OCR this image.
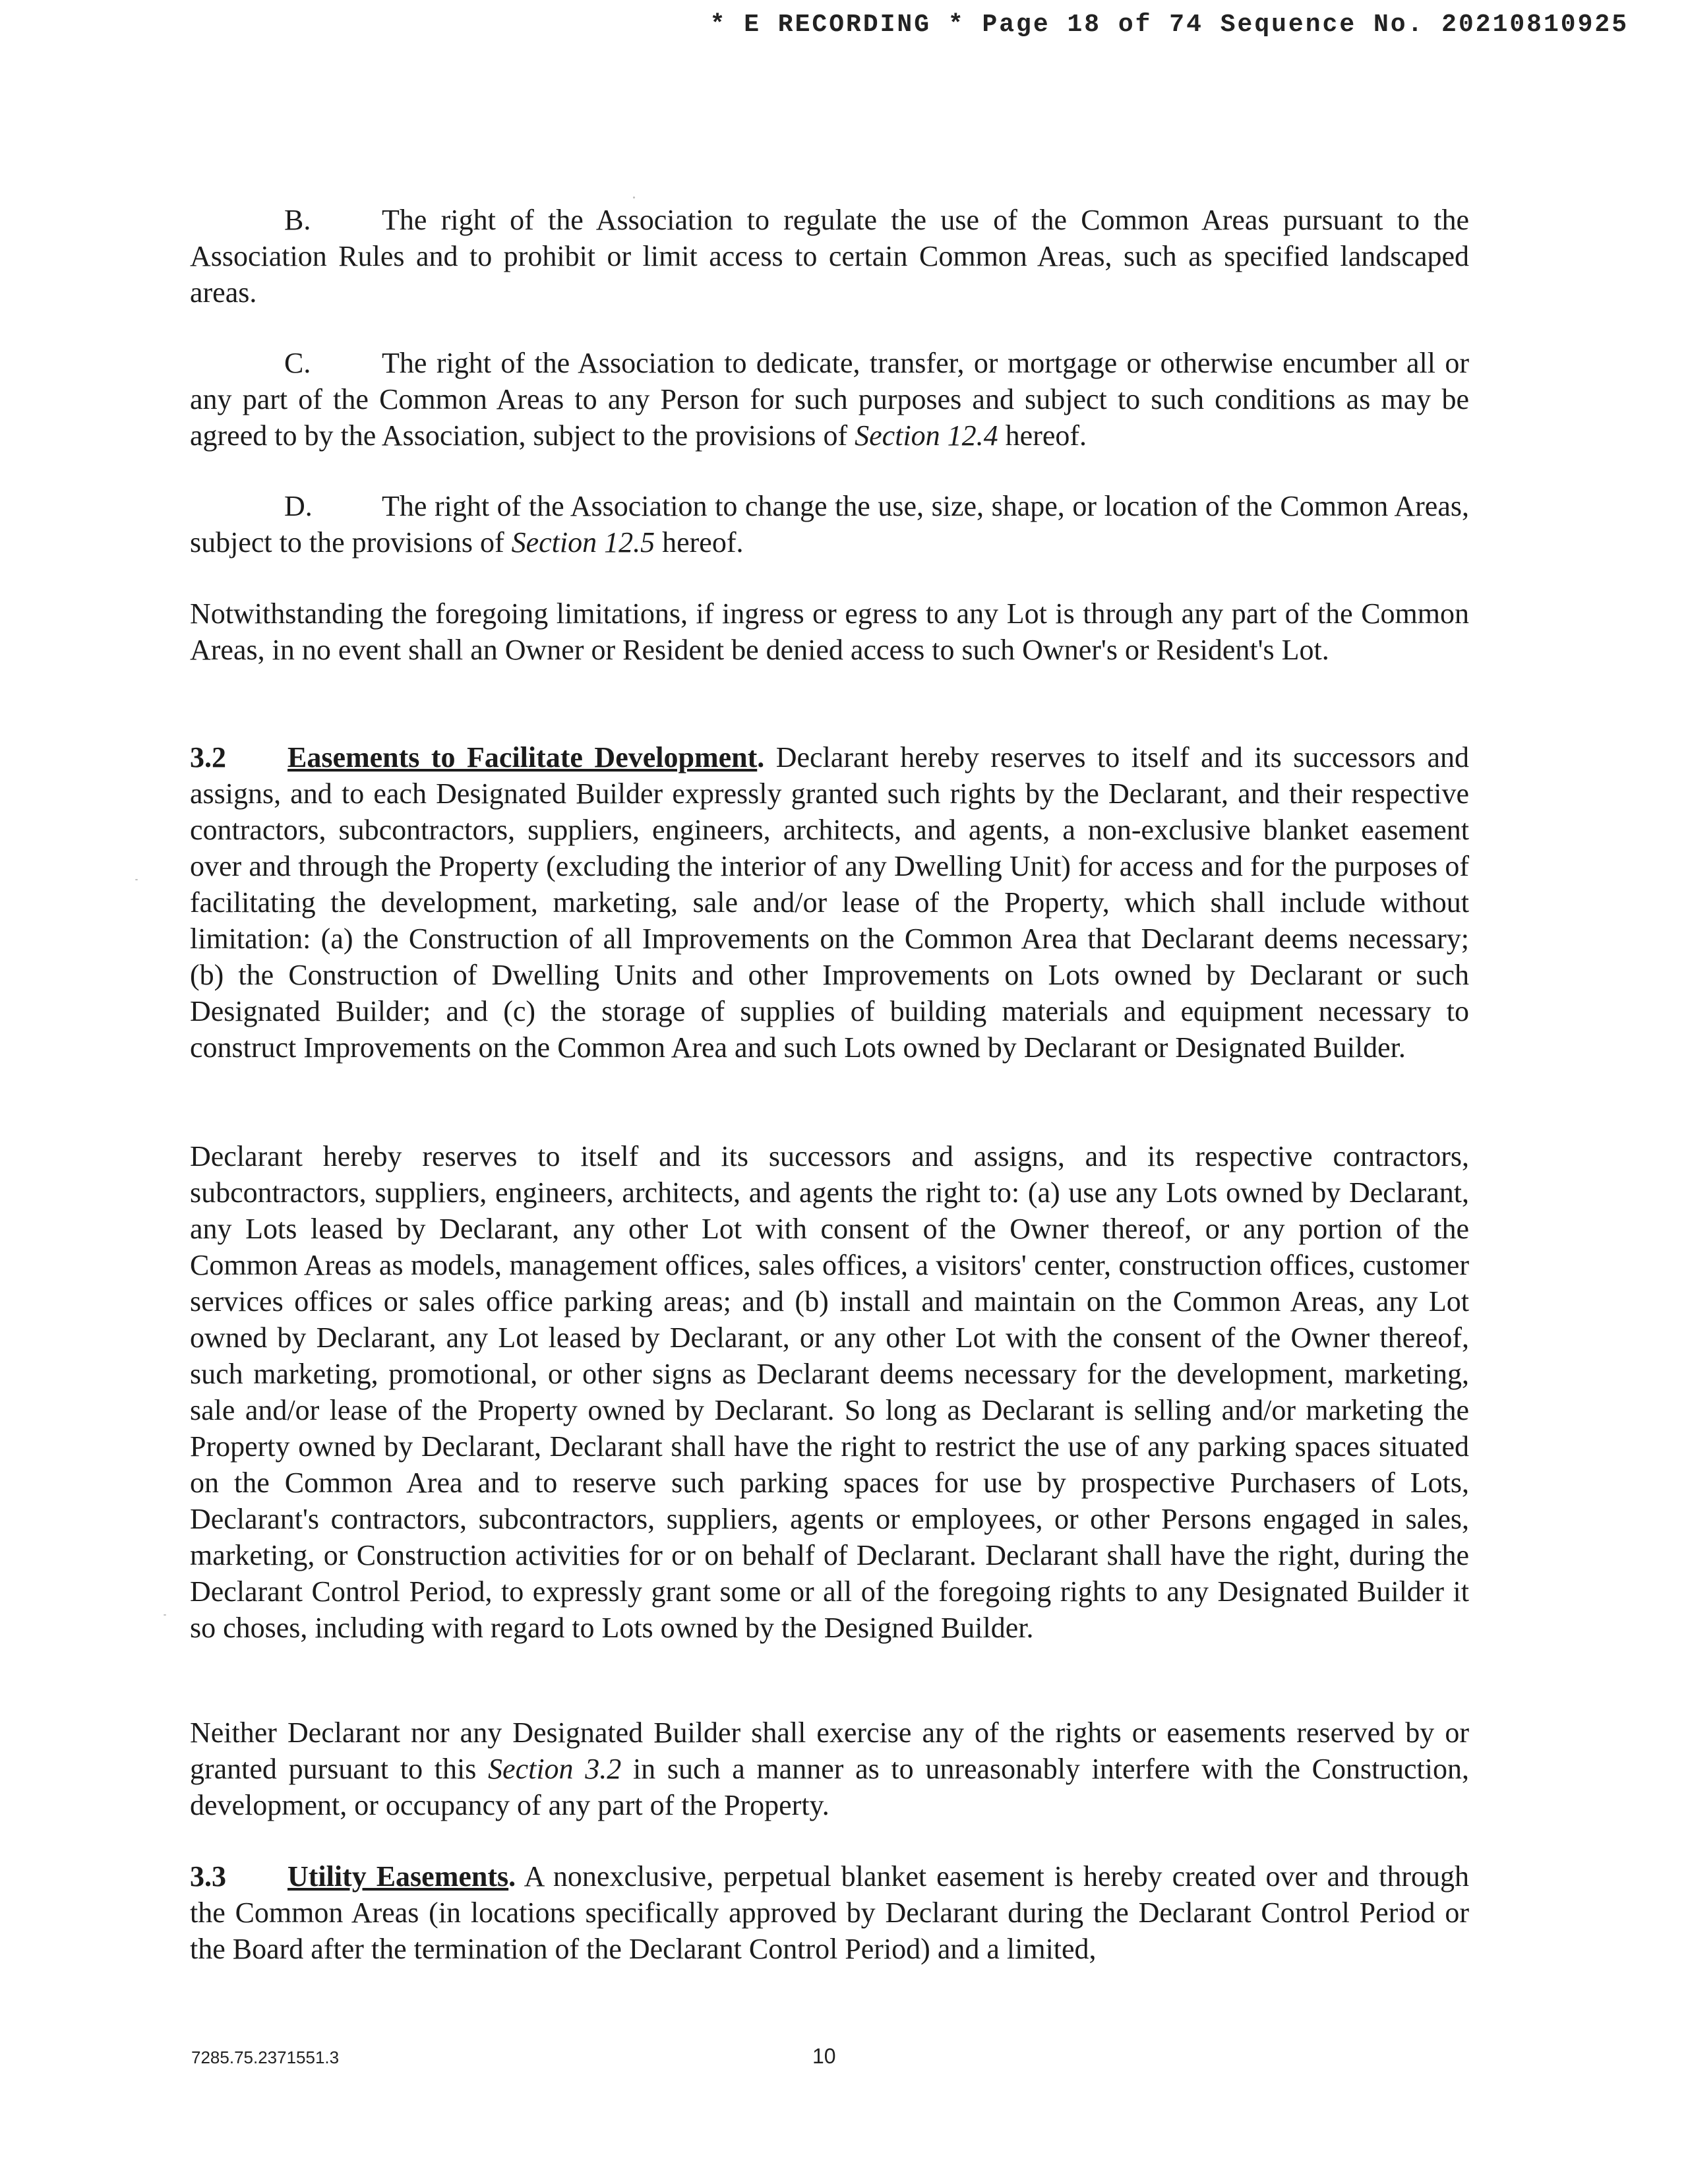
* E RECORDING * Page 18 of 74 Sequence No. 20210810925

B. The right of the Association to regulate the use of the Common Areas pursuant to the Association Rules and to prohibit or limit access to certain Common Areas, such as specified landscaped areas.

C. The right of the Association to dedicate, transfer, or mortgage or otherwise encumber all or any part of the Common Areas to any Person for such purposes and subject to such conditions as may be agreed to by the Association, subject to the provisions of Section 12.4 hereof.

D. The right of the Association to change the use, size, shape, or location of the Common Areas, subject to the provisions of Section 12.5 hereof.

Notwithstanding the foregoing limitations, if ingress or egress to any Lot is through any part of the Common Areas, in no event shall an Owner or Resident be denied access to such Owner's or Resident's Lot.

3.2 Easements to Facilitate Development. Declarant hereby reserves to itself and its successors and assigns, and to each Designated Builder expressly granted such rights by the Declarant, and their respective contractors, subcontractors, suppliers, engineers, architects, and agents, a non-exclusive blanket easement over and through the Property (excluding the interior of any Dwelling Unit) for access and for the purposes of facilitating the development, marketing, sale and/or lease of the Property, which shall include without limitation: (a) the Construction of all Improvements on the Common Area that Declarant deems necessary; (b) the Construction of Dwelling Units and other Improvements on Lots owned by Declarant or such Designated Builder; and (c) the storage of supplies of building materials and equipment necessary to construct Improvements on the Common Area and such Lots owned by Declarant or Designated Builder.

Declarant hereby reserves to itself and its successors and assigns, and its respective contractors, subcontractors, suppliers, engineers, architects, and agents the right to: (a) use any Lots owned by Declarant, any Lots leased by Declarant, any other Lot with consent of the Owner thereof, or any portion of the Common Areas as models, management offices, sales offices, a visitors' center, construction offices, customer services offices or sales office parking areas; and (b) install and maintain on the Common Areas, any Lot owned by Declarant, any Lot leased by Declarant, or any other Lot with the consent of the Owner thereof, such marketing, promotional, or other signs as Declarant deems necessary for the development, marketing, sale and/or lease of the Property owned by Declarant. So long as Declarant is selling and/or marketing the Property owned by Declarant, Declarant shall have the right to restrict the use of any parking spaces situated on the Common Area and to reserve such parking spaces for use by prospective Purchasers of Lots, Declarant's contractors, subcontractors, suppliers, agents or employees, or other Persons engaged in sales, marketing, or Construction activities for or on behalf of Declarant. Declarant shall have the right, during the Declarant Control Period, to expressly grant some or all of the foregoing rights to any Designated Builder it so choses, including with regard to Lots owned by the Designed Builder.

Neither Declarant nor any Designated Builder shall exercise any of the rights or easements reserved by or granted pursuant to this Section 3.2 in such a manner as to unreasonably interfere with the Construction, development, or occupancy of any part of the Property.

3.3 Utility Easements. A nonexclusive, perpetual blanket easement is hereby created over and through the Common Areas (in locations specifically approved by Declarant during the Declarant Control Period or the Board after the termination of the Declarant Control Period) and a limited,

7285.75.2371551.3	10
